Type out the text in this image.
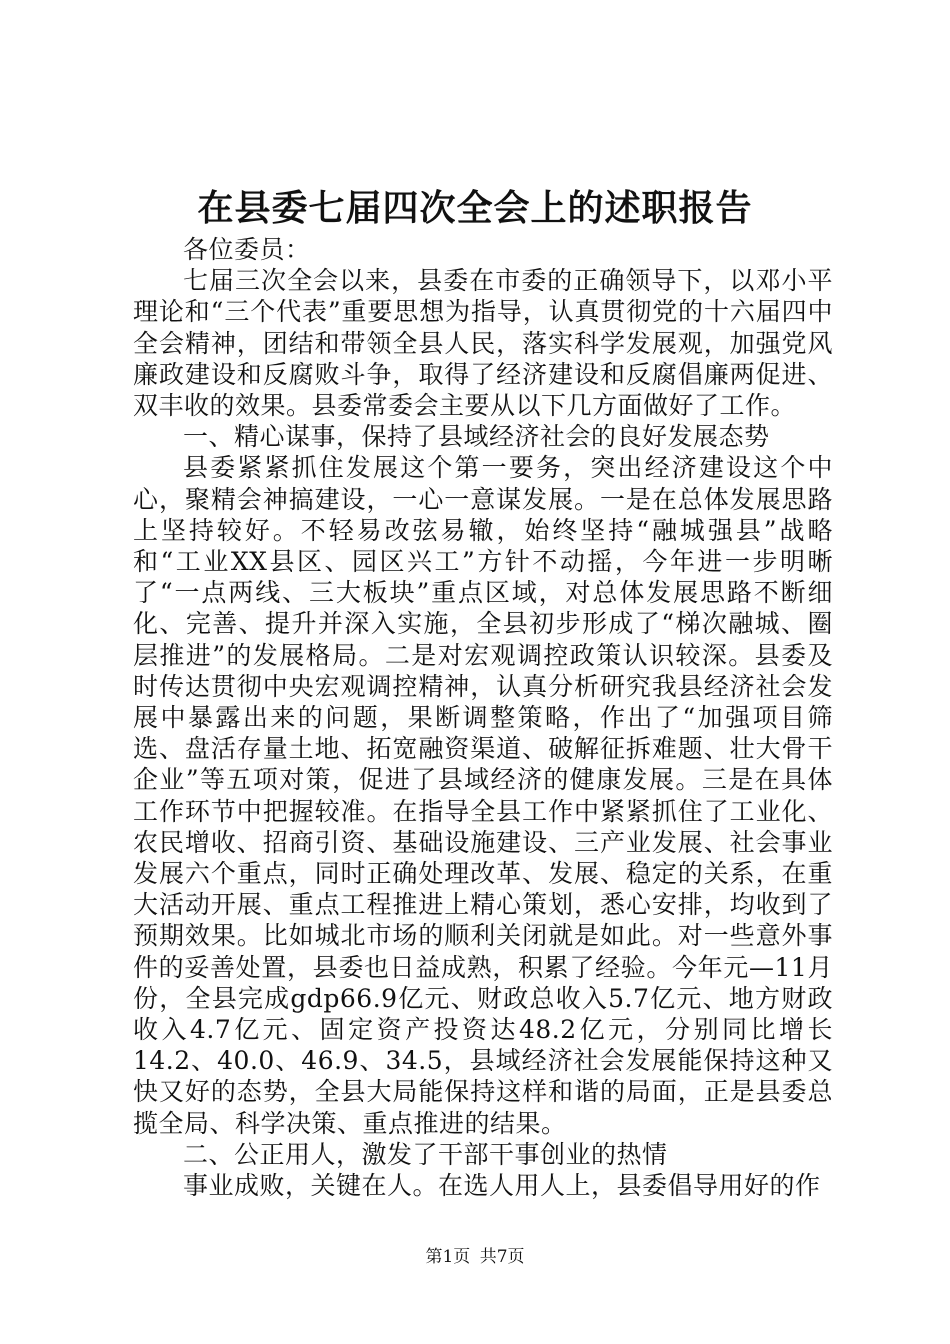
在县委七届四次全会上的述职报告

各位委员：

七届三次全会以来，县委在市委的正确领导下，以邓小平理论和“三个代表”重要思想为指导，认真贯彻党的十六届四中全会精神，团结和带领全县人民，落实科学发展观，加强党风廉政建设和反腐败斗争，取得了经济建设和反腐倡廉两促进、双丰收的效果。县委常委会主要从以下几方面做好了工作。

一、精心谋事，保持了县域经济社会的良好发展态势

县委紧紧抓住发展这个第一要务，突出经济建设这个中心，聚精会神搞建设，一心一意谋发展。一是在总体发展思路上坚持较好。不轻易改弦易辙，始终坚持“融城强县”战略和“工业XX县区、园区兴工”方针不动摇，今年进一步明晰了“一点两线、三大板块”重点区域，对总体发展思路不断细化、完善、提升并深入实施，全县初步形成了“梯次融城、圈层推进”的发展格局。二是对宏观调控政策认识较深。县委及时传达贯彻中央宏观调控精神，认真分析研究我县经济社会发展中暴露出来的问题，果断调整策略，作出了“加强项目筛选、盘活存量土地、拓宽融资渠道、破解征拆难题、壮大骨干企业”等五项对策，促进了县域经济的健康发展。三是在具体工作环节中把握较准。在指导全县工作中紧紧抓住了工业化、农民增收、招商引资、基础设施建设、三产业发展、社会事业发展六个重点，同时正确处理改革、发展、稳定的关系，在重大活动开展、重点工程推进上精心策划，悉心安排，均收到了预期效果。比如城北市场的顺利关闭就是如此。对一些意外事件的妥善处置，县委也日益成熟，积累了经验。今年元—11月份，全县完成gdp66.9亿元、财政总收入5.7亿元、地方财政收入4.7亿元、固定资产投资达48.2亿元，分别同比增长14.2、40.0、46.9、34.5，县域经济社会发展能保持这种又快又好的态势，全县大局能保持这样和谐的局面，正是县委总揽全局、科学决策、重点推进的结果。

二、公正用人，激发了干部干事创业的热情

事业成败，关键在人。在选人用人上，县委倡导用好的作

第1页 共7页
